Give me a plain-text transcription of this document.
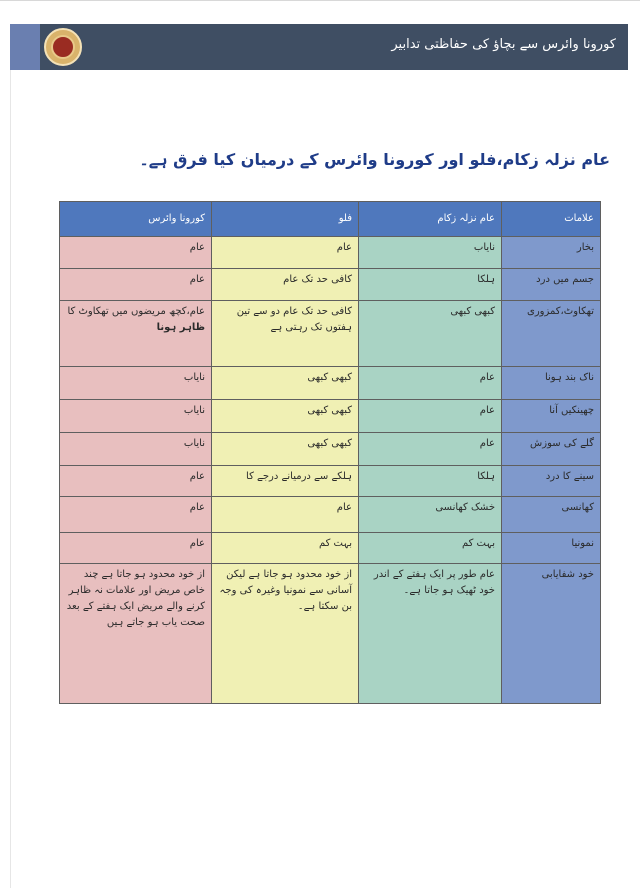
کورونا وائرس سے بچاؤ کی حفاظتی تدابیر
عام نزلہ زکام،فلو اور کورونا وائرس کے درمیان کیا فرق ہے۔
علامات	عام نزلہ زکام	فلو	کورونا وائرس
بخار	نایاب	عام	عام
جسم میں درد	ہلکا	کافی حد تک عام	عام
تھکاوٹ،کمزوری	کبھی کبھی	کافی حد تک عام دو سے تین ہفتوں تک رہتی ہے	عام،کچھ مریضوں میں تھکاوٹ کا
ظاہر ہونا
ناک بند ہونا	عام	کبھی کبھی	نایاب
چھینکیں آنا	عام	کبھی کبھی	نایاب
گلے کی سوزش	عام	کبھی کبھی	نایاب
سینے کا درد	ہلکا	ہلکے سے درمیانے درجے کا	عام
کھانسی	خشک کھانسی	عام	عام
نمونیا	بہت کم	بہت کم	عام
خود شفایابی	عام طور پر ایک ہفتے کے اندر خود ٹھیک ہو جاتا ہے۔	از خود محدود ہو جاتا ہے لیکن آسانی سے نمونیا وغیرہ کی وجہ بن سکتا ہے۔	از خود محدود ہو جاتا ہے چند خاص مریض اور علامات نہ ظاہر کرنے والے مریض ایک ہفتے کے بعد صحت یاب ہو جاتے ہیں
